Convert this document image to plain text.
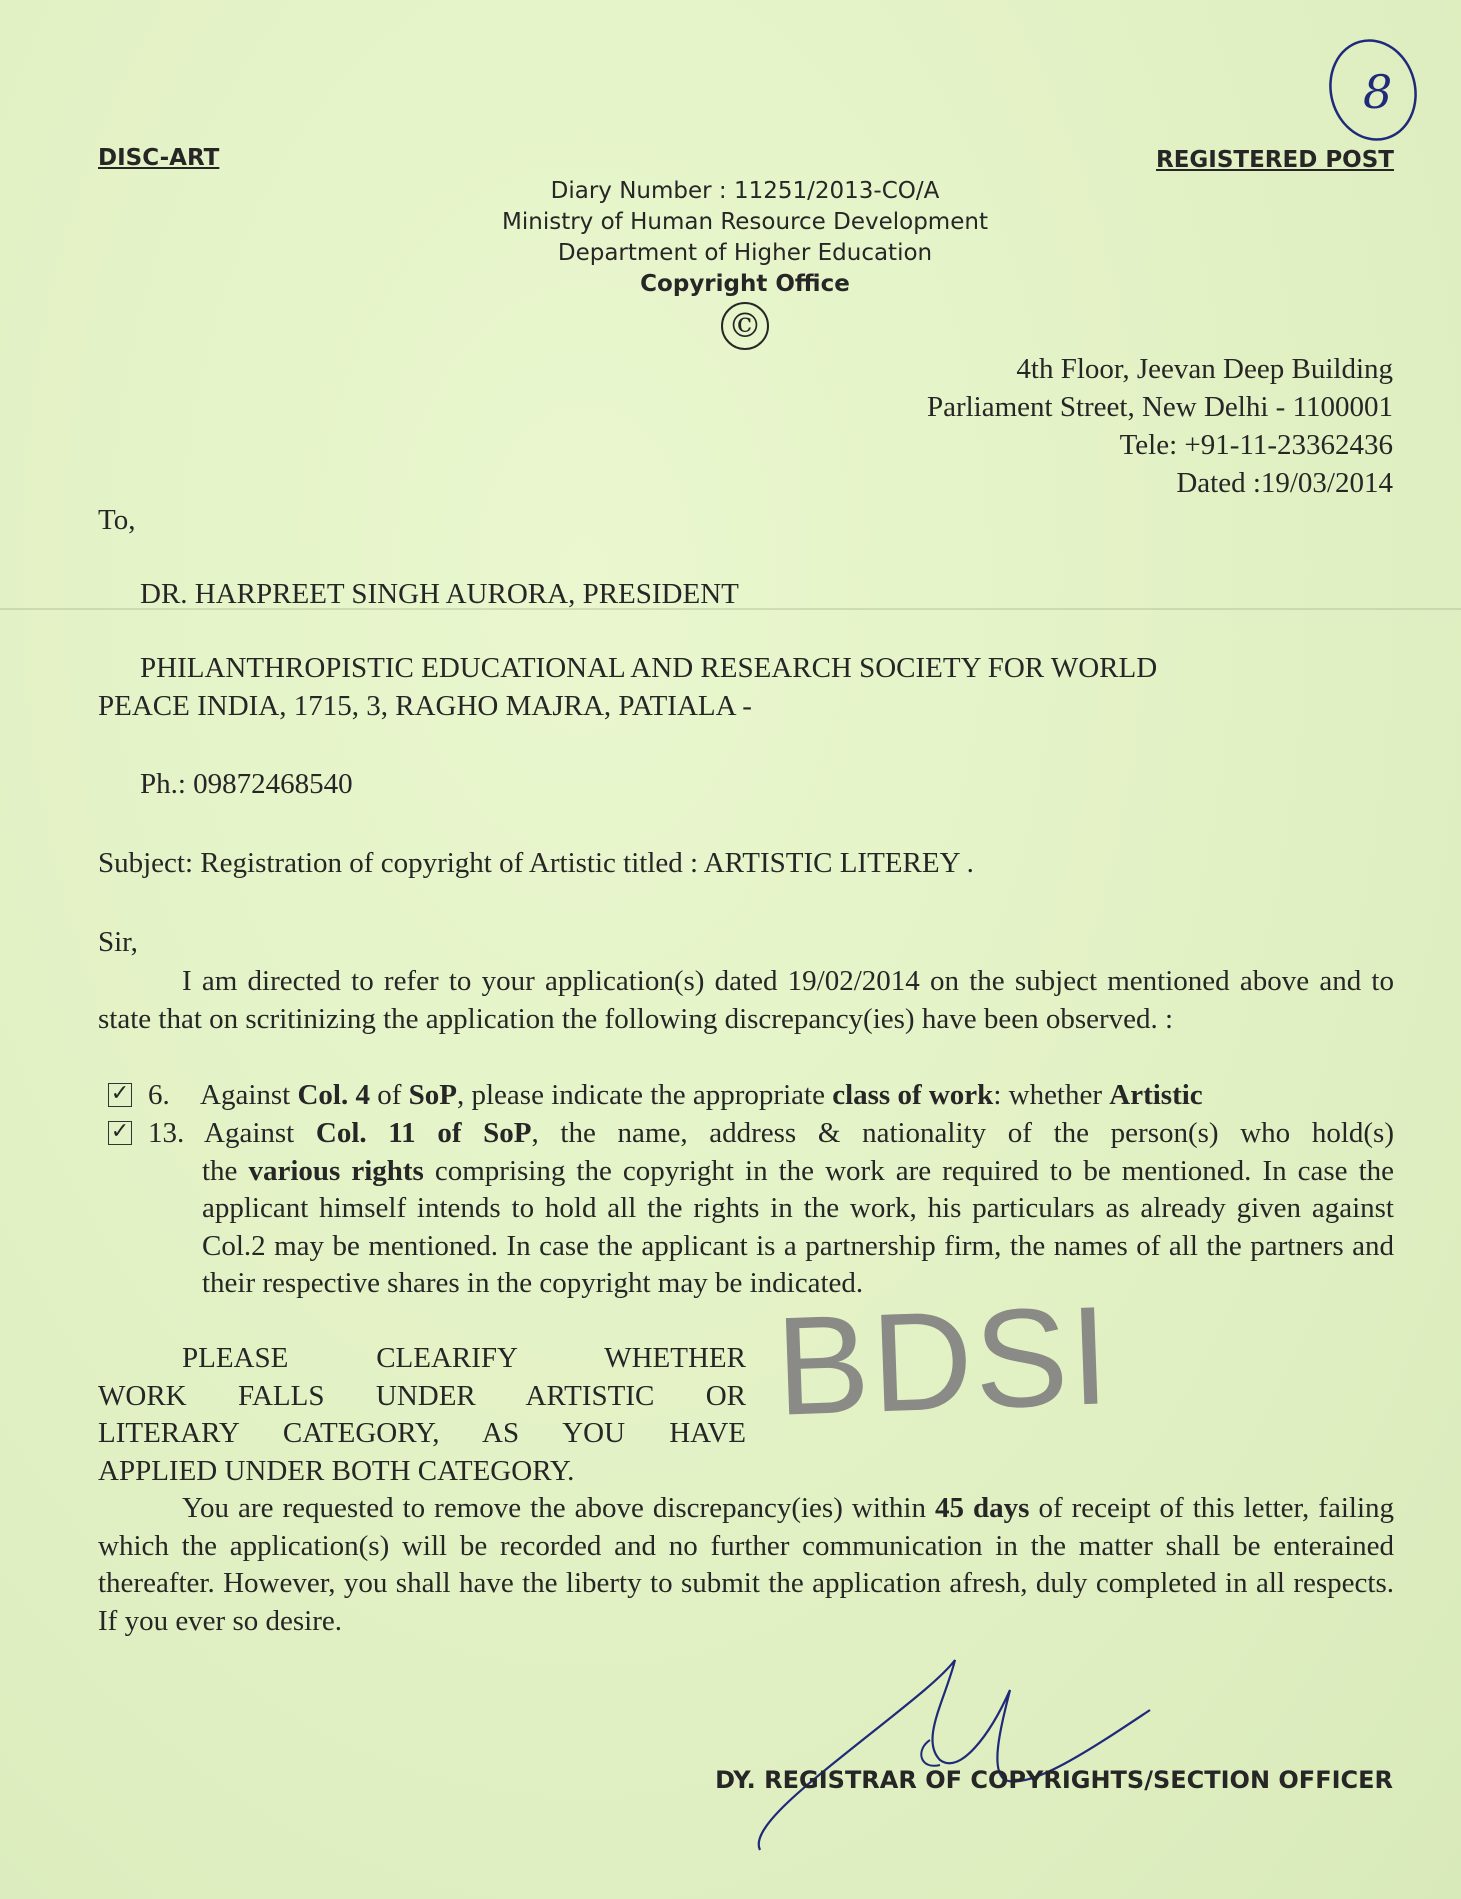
8
DISC-ART	REGISTERED POST
Diary Number : 11251/2013-CO/A
Ministry of Human Resource Development
Department of Higher Education
Copyright Office
©
4th Floor, Jeevan Deep Building
Parliament Street, New Delhi - 1100001
Tele: +91-11-23362436
Dated :19/03/2014
To,
DR. HARPREET SINGH AURORA, PRESIDENT
PHILANTHROPISTIC EDUCATIONAL AND RESEARCH SOCIETY FOR WORLD
PEACE INDIA, 1715, 3, RAGHO MAJRA, PATIALA -
Ph.: 09872468540
Subject: Registration of copyright of Artistic titled : ARTISTIC LITEREY .
Sir,
I am directed to refer to your application(s) dated 19/02/2014 on the subject mentioned above and to state that on scritinizing the application the following discrepancy(ies) have been observed. :
✓ 6. Against Col. 4 of SoP, please indicate the appropriate class of work: whether Artistic
✓ 13. Against Col. 11 of SoP, the name, address & nationality of the person(s) who hold(s)
the various rights comprising the copyright in the work are required to be mentioned. In case the applicant himself intends to hold all the rights in the work, his particulars as already given against Col.2 may be mentioned. In case the applicant is a partnership firm, the names of all the partners and their respective shares in the copyright may be indicated.
PLEASE CLEARIFY WHETHER
WORK FALLS UNDER ARTISTIC OR
LITERARY CATEGORY, AS YOU HAVE
APPLIED UNDER BOTH CATEGORY.
BDSI
You are requested to remove the above discrepancy(ies) within 45 days of receipt of this letter, failing which the application(s) will be recorded and no further communication in the matter shall be enterained thereafter. However, you shall have the liberty to submit the application afresh, duly completed in all respects. If you ever so desire.
DY. REGISTRAR OF COPYRIGHTS/SECTION OFFICER
